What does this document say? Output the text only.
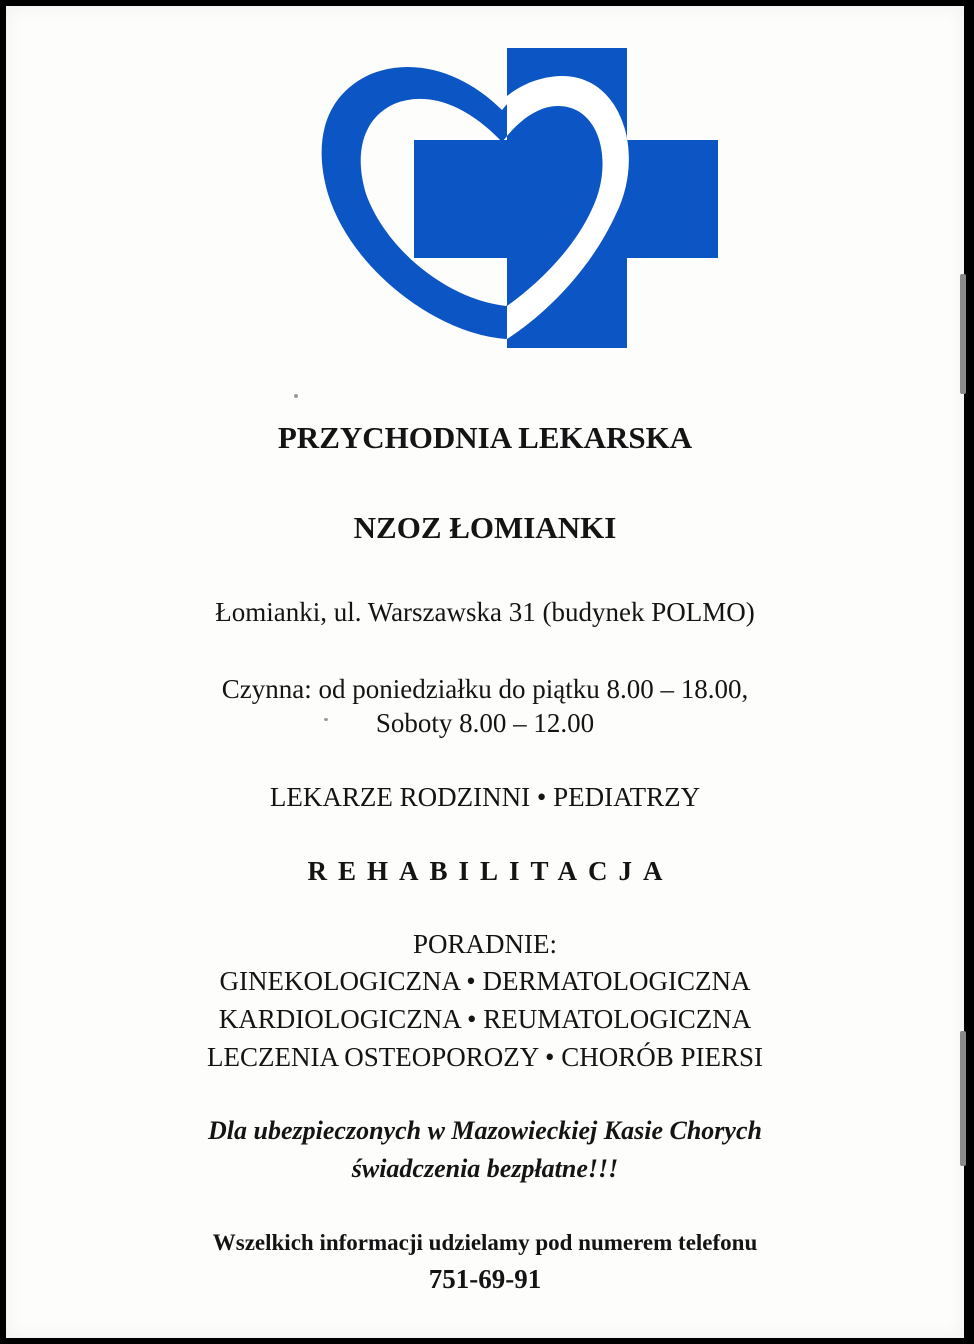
PRZYCHODNIA LEKARSKA
NZOZ ŁOMIANKI
Łomianki, ul. Warszawska 31 (budynek POLMO)
Czynna: od poniedziałku do piątku 8.00 – 18.00,
Soboty 8.00 – 12.00
LEKARZE RODZINNI • PEDIATRZY
REHABILITACJA
PORADNIE:
GINEKOLOGICZNA • DERMATOLOGICZNA
KARDIOLOGICZNA • REUMATOLOGICZNA
LECZENIA OSTEOPOROZY • CHORÓB PIERSI
Dla ubezpieczonych w Mazowieckiej Kasie Chorych
świadczenia bezpłatne!!!
Wszelkich informacji udzielamy pod numerem telefonu
751-69-91
